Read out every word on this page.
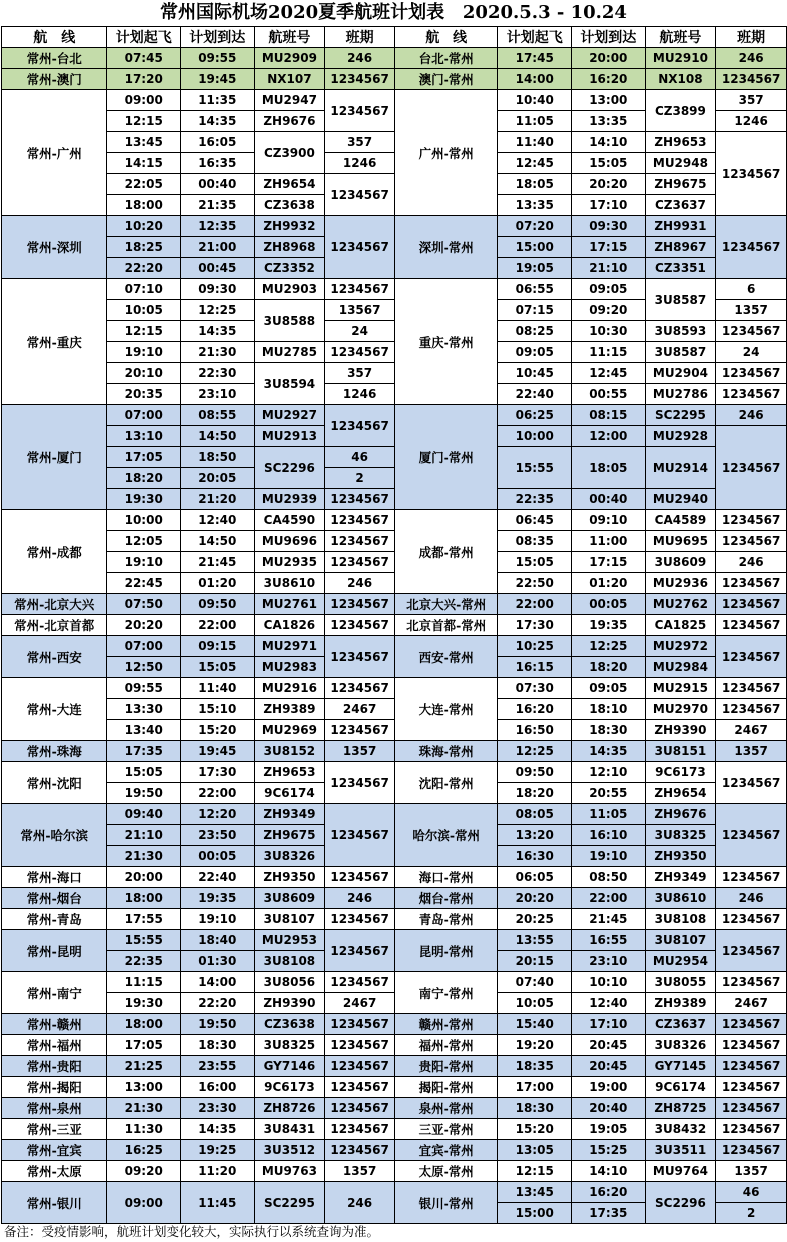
常州国际机场2020夏季航班计划表   2020.5.3 - 10.24
航　线	计划起飞	计划到达	航班号	班期	航　线	计划起飞	计划到达	航班号	班期
常州-台北	07:45	09:55	MU2909	246	台北-常州	17:45	20:00	MU2910	246
常州-澳门	17:20	19:45	NX107	1234567	澳门-常州	14:00	16:20	NX108	1234567
常州-广州	09:00	11:35	MU2947	1234567	广州-常州	10:40	13:00	CZ3899	357
	12:15	14:35	ZH9676			11:05	13:35		1246
	13:45	16:05	CZ3900	357		11:40	14:10	ZH9653	1234567
	14:15	16:35		1246		12:45	15:05	MU2948	
	22:05	00:40	ZH9654	1234567		18:05	20:20	ZH9675	
	18:00	21:35	CZ3638			13:35	17:10	CZ3637	
常州-深圳	10:20	12:35	ZH9932	1234567	深圳-常州	07:20	09:30	ZH9931	1234567
	18:25	21:00	ZH8968			15:00	17:15	ZH8967	
	22:20	00:45	CZ3352			19:05	21:10	CZ3351	
常州-重庆	07:10	09:30	MU2903	1234567	重庆-常州	06:55	09:05	3U8587	6
	10:05	12:25	3U8588	13567		07:15	09:20		1357
	12:15	14:35		24		08:25	10:30	3U8593	1234567
	19:10	21:30	MU2785	1234567		09:05	11:15	3U8587	24
	20:10	22:30	3U8594	357		10:45	12:45	MU2904	1234567
	20:35	23:10		1246		22:40	00:55	MU2786	1234567
常州-厦门	07:00	08:55	MU2927	1234567	厦门-常州	06:25	08:15	SC2295	246
	13:10	14:50	MU2913			10:00	12:00	MU2928	1234567
	17:05	18:50	SC2296	46		15:55	18:05	MU2914	
	18:20	20:05		2					
	19:30	21:20	MU2939	1234567		22:35	00:40	MU2940	
常州-成都	10:00	12:40	CA4590	1234567	成都-常州	06:45	09:10	CA4589	1234567
	12:05	14:50	MU9696	1234567		08:35	11:00	MU9695	1234567
	19:10	21:45	MU2935	1234567		15:05	17:15	3U8609	246
	22:45	01:20	3U8610	246		22:50	01:20	MU2936	1234567
常州-北京大兴	07:50	09:50	MU2761	1234567	北京大兴-常州	22:00	00:05	MU2762	1234567
常州-北京首都	20:20	22:00	CA1826	1234567	北京首都-常州	17:30	19:35	CA1825	1234567
常州-西安	07:00	09:15	MU2971	1234567	西安-常州	10:25	12:25	MU2972	1234567
	12:50	15:05	MU2983			16:15	18:20	MU2984	
常州-大连	09:55	11:40	MU2916	1234567	大连-常州	07:30	09:05	MU2915	1234567
	13:30	15:10	ZH9389	2467		16:20	18:10	MU2970	1234567
	13:40	15:20	MU2969	1234567		16:50	18:30	ZH9390	2467
常州-珠海	17:35	19:45	3U8152	1357	珠海-常州	12:25	14:35	3U8151	1357
常州-沈阳	15:05	17:30	ZH9653	1234567	沈阳-常州	09:50	12:10	9C6173	1234567
	19:50	22:00	9C6174			18:20	20:55	ZH9654	
常州-哈尔滨	09:40	12:20	ZH9349	1234567	哈尔滨-常州	08:05	11:05	ZH9676	1234567
	21:10	23:50	ZH9675			13:20	16:10	3U8325	
	21:30	00:05	3U8326			16:30	19:10	ZH9350	
常州-海口	20:00	22:40	ZH9350	1234567	海口-常州	06:05	08:50	ZH9349	1234567
常州-烟台	18:00	19:35	3U8609	246	烟台-常州	20:20	22:00	3U8610	246
常州-青岛	17:55	19:10	3U8107	1234567	青岛-常州	20:25	21:45	3U8108	1234567
常州-昆明	15:55	18:40	MU2953	1234567	昆明-常州	13:55	16:55	3U8107	1234567
	22:35	01:30	3U8108			20:15	23:10	MU2954	
常州-南宁	11:15	14:00	3U8056	1234567	南宁-常州	07:40	10:10	3U8055	1234567
	19:30	22:20	ZH9390	2467		10:05	12:40	ZH9389	2467
常州-赣州	18:00	19:50	CZ3638	1234567	赣州-常州	15:40	17:10	CZ3637	1234567
常州-福州	17:05	18:30	3U8325	1234567	福州-常州	19:20	20:45	3U8326	1234567
常州-贵阳	21:25	23:55	GY7146	1234567	贵阳-常州	18:35	20:45	GY7145	1234567
常州-揭阳	13:00	16:00	9C6173	1234567	揭阳-常州	17:00	19:00	9C6174	1234567
常州-泉州	21:30	23:30	ZH8726	1234567	泉州-常州	18:30	20:40	ZH8725	1234567
常州-三亚	11:30	14:35	3U8431	1234567	三亚-常州	15:20	19:05	3U8432	1234567
常州-宜宾	16:25	19:25	3U3512	1234567	宜宾-常州	13:05	15:25	3U3511	1234567
常州-太原	09:20	11:20	MU9763	1357	太原-常州	12:15	14:10	MU9764	1357
常州-银川	09:00	11:45	SC2295	246	银川-常州	13:45	16:20	SC2296	46
						15:00	17:35		2
备注：受疫情影响，航班计划变化较大，实际执行以系统查询为准。
